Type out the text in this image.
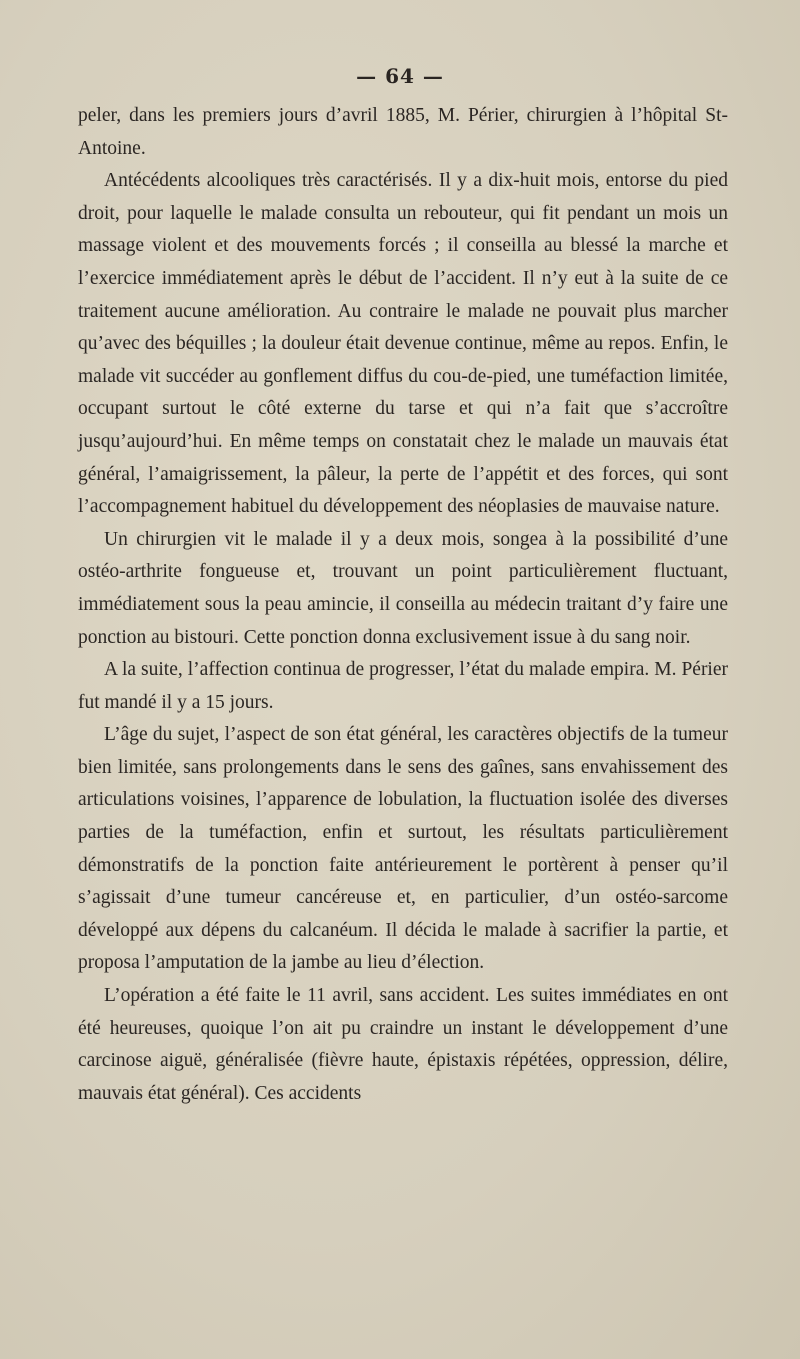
— 64 —

peler, dans les premiers jours d’avril 1885, M. Périer, chirurgien à l’hôpital St-Antoine.

Antécédents alcooliques très caractérisés. Il y a dix-huit mois, entorse du pied droit, pour laquelle le malade consulta un rebouteur, qui fit pendant un mois un massage violent et des mouvements forcés ; il conseilla au blessé la marche et l’exercice immédiatement après le début de l’accident. Il n’y eut à la suite de ce traitement aucune amélioration. Au contraire le malade ne pouvait plus marcher qu’avec des béquilles ; la douleur était devenue continue, même au repos. Enfin, le malade vit succéder au gonflement diffus du cou-de-pied, une tuméfaction limitée, occupant surtout le côté externe du tarse et qui n’a fait que s’accroître jusqu’aujourd’hui. En même temps on constatait chez le malade un mauvais état général, l’amaigrissement, la pâleur, la perte de l’appétit et des forces, qui sont l’accompagnement habituel du développement des néoplasies de mauvaise nature.

Un chirurgien vit le malade il y a deux mois, songea à la possibilité d’une ostéo-arthrite fongueuse et, trouvant un point particulièrement fluctuant, immédiatement sous la peau amincie, il conseilla au médecin traitant d’y faire une ponction au bistouri. Cette ponction donna exclusivement issue à du sang noir.

A la suite, l’affection continua de progresser, l’état du malade empira. M. Périer fut mandé il y a 15 jours.

L’âge du sujet, l’aspect de son état général, les caractères objectifs de la tumeur bien limitée, sans prolongements dans le sens des gaînes, sans envahissement des articulations voisines, l’apparence de lobulation, la fluctuation isolée des diverses parties de la tuméfaction, enfin et surtout, les résultats particulièrement démonstratifs de la ponction faite antérieurement le portèrent à penser qu’il s’agissait d’une tumeur cancéreuse et, en particulier, d’un ostéo-sarcome développé aux dépens du calcanéum. Il décida le malade à sacrifier la partie, et proposa l’amputation de la jambe au lieu d’élection.

L’opération a été faite le 11 avril, sans accident. Les suites immédiates en ont été heureuses, quoique l’on ait pu craindre un instant le développement d’une carcinose aiguë, généralisée (fièvre haute, épistaxis répétées, oppression, délire, mauvais état général). Ces accidents
